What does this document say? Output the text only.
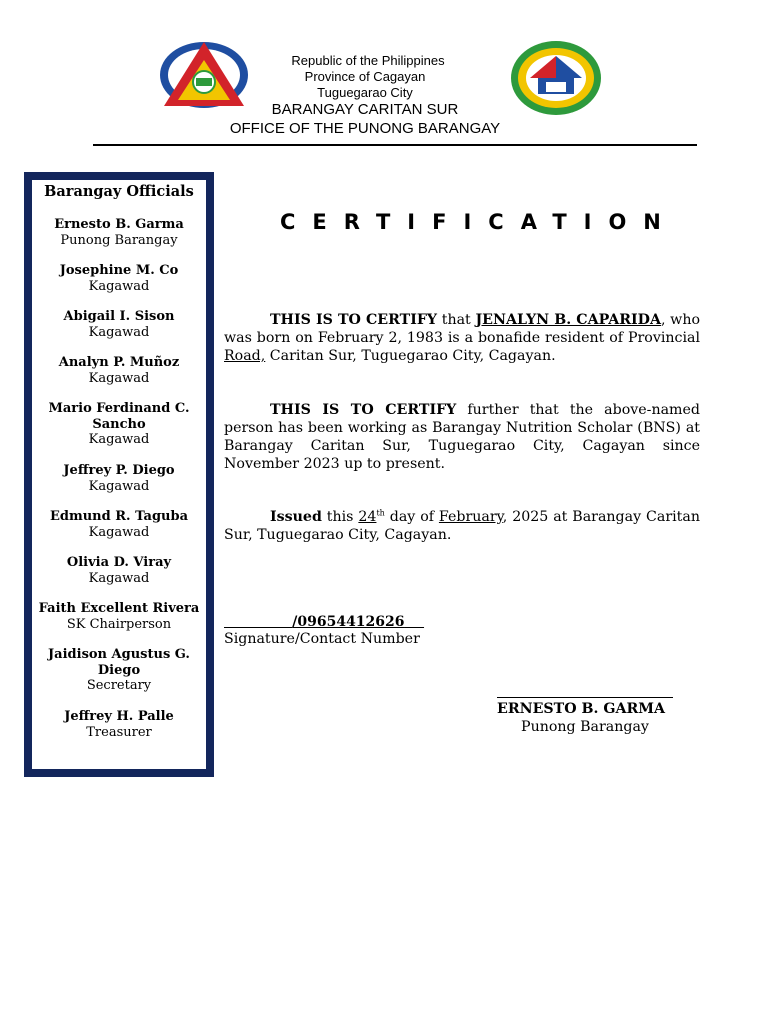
Republic of the Philippines
Province of Cagayan
Tuguegarao City
BARANGAY CARITAN SUR
OFFICE OF THE PUNONG BARANGAY
Barangay Officials
Ernesto B. Garma
Punong Barangay
Josephine M. Co
Kagawad
Abigail I. Sison
Kagawad
Analyn P. Muñoz
Kagawad
Mario Ferdinand C. Sancho
Kagawad
Jeffrey P. Diego
Kagawad
Edmund R. Taguba
Kagawad
Olivia D. Viray
Kagawad
Faith Excellent Rivera
SK Chairperson
Jaidison Agustus G. Diego
Secretary
Jeffrey H. Palle
Treasurer
CERTIFICATION
THIS IS TO CERTIFY that JENALYN B. CAPARIDA, who was born on February 2, 1983 is a bonafide resident of Provincial Road, Caritan Sur, Tuguegarao City, Cagayan.
THIS IS TO CERTIFY further that the above-named person has been working as Barangay Nutrition Scholar (BNS) at Barangay Caritan Sur, Tuguegarao City, Cagayan since November 2023 up to present.
Issued this 24th day of February, 2025 at Barangay Caritan Sur, Tuguegarao City, Cagayan.
/09654412626
Signature/Contact Number
ERNESTO B. GARMA
Punong Barangay
